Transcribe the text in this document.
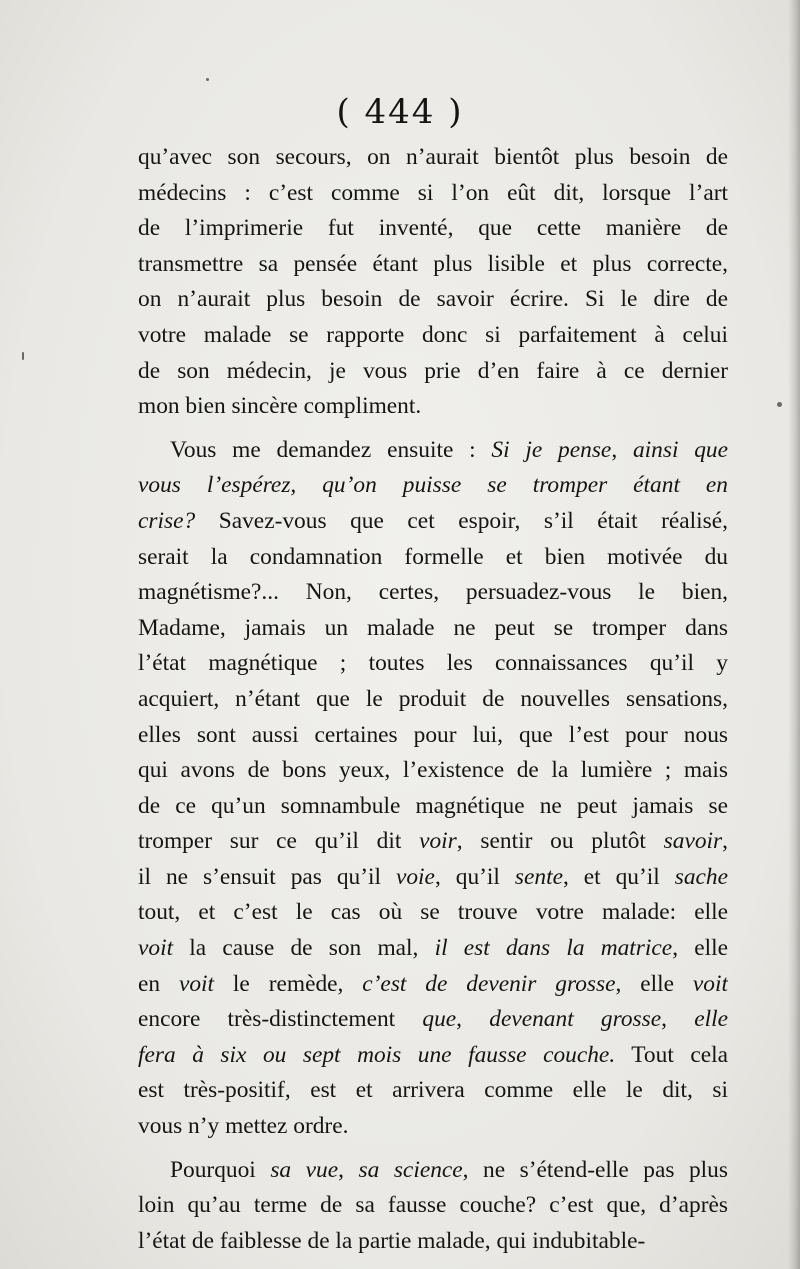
( 444 )
qu’avec son secours, on n’aurait bientôt plus besoin de
médecins : c’est comme si l’on eût dit, lorsque l’art
de l’imprimerie fut inventé, que cette manière de
transmettre sa pensée étant plus lisible et plus correcte,
on n’aurait plus besoin de savoir écrire. Si le dire de
votre malade se rapporte donc si parfaitement à celui
de son médecin, je vous prie d’en faire à ce dernier
mon bien sincère compliment.
Vous me demandez ensuite : Si je pense, ainsi que
vous l’espérez, qu’on puisse se tromper étant en
crise? Savez-vous que cet espoir, s’il était réalisé,
serait la condamnation formelle et bien motivée du
magnétisme?... Non, certes, persuadez-vous le bien,
Madame, jamais un malade ne peut se tromper dans
l’état magnétique ; toutes les connaissances qu’il y
acquiert, n’étant que le produit de nouvelles sensations,
elles sont aussi certaines pour lui, que l’est pour nous
qui avons de bons yeux, l’existence de la lumière ; mais
de ce qu’un somnambule magnétique ne peut jamais se
tromper sur ce qu’il dit voir, sentir ou plutôt savoir,
il ne s’ensuit pas qu’il voie, qu’il sente, et qu’il sache
tout, et c’est le cas où se trouve votre malade: elle
voit la cause de son mal, il est dans la matrice, elle
en voit le remède, c’est de devenir grosse, elle voit
encore très-distinctement que, devenant grosse, elle
fera à six ou sept mois une fausse couche. Tout cela
est très-positif, est et arrivera comme elle le dit, si
vous n’y mettez ordre.
Pourquoi sa vue, sa science, ne s’étend-elle pas plus
loin qu’au terme de sa fausse couche? c’est que, d’après
l’état de faiblesse de la partie malade, qui indubitable-
